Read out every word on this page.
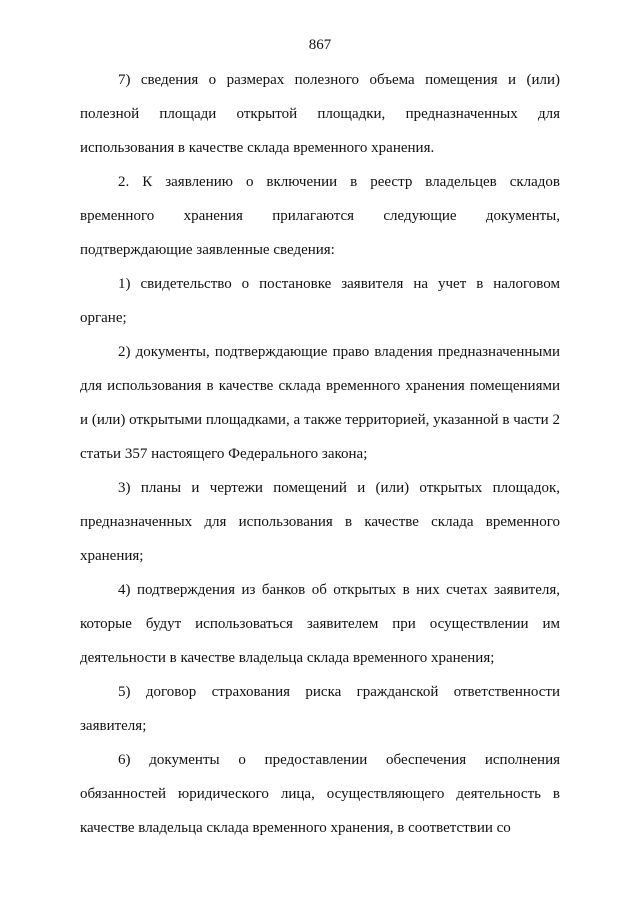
867

7) сведения о размерах полезного объема помещения и (или) полезной площади открытой площадки, предназначенных для использования в качестве склада временного хранения.

2. К заявлению о включении в реестр владельцев складов временного хранения прилагаются следующие документы, подтверждающие заявленные сведения:

1) свидетельство о постановке заявителя на учет в налоговом органе;

2) документы, подтверждающие право владения предназначенными для использования в качестве склада временного хранения помещениями и (или) открытыми площадками, а также территорией, указанной в части 2 статьи 357 настоящего Федерального закона;

3) планы и чертежи помещений и (или) открытых площадок, предназначенных для использования в качестве склада временного хранения;

4) подтверждения из банков об открытых в них счетах заявителя, которые будут использоваться заявителем при осуществлении им деятельности в качестве владельца склада временного хранения;

5) договор страхования риска гражданской ответственности заявителя;

6) документы о предоставлении обеспечения исполнения обязанностей юридического лица, осуществляющего деятельность в качестве владельца склада временного хранения, в соответствии со
